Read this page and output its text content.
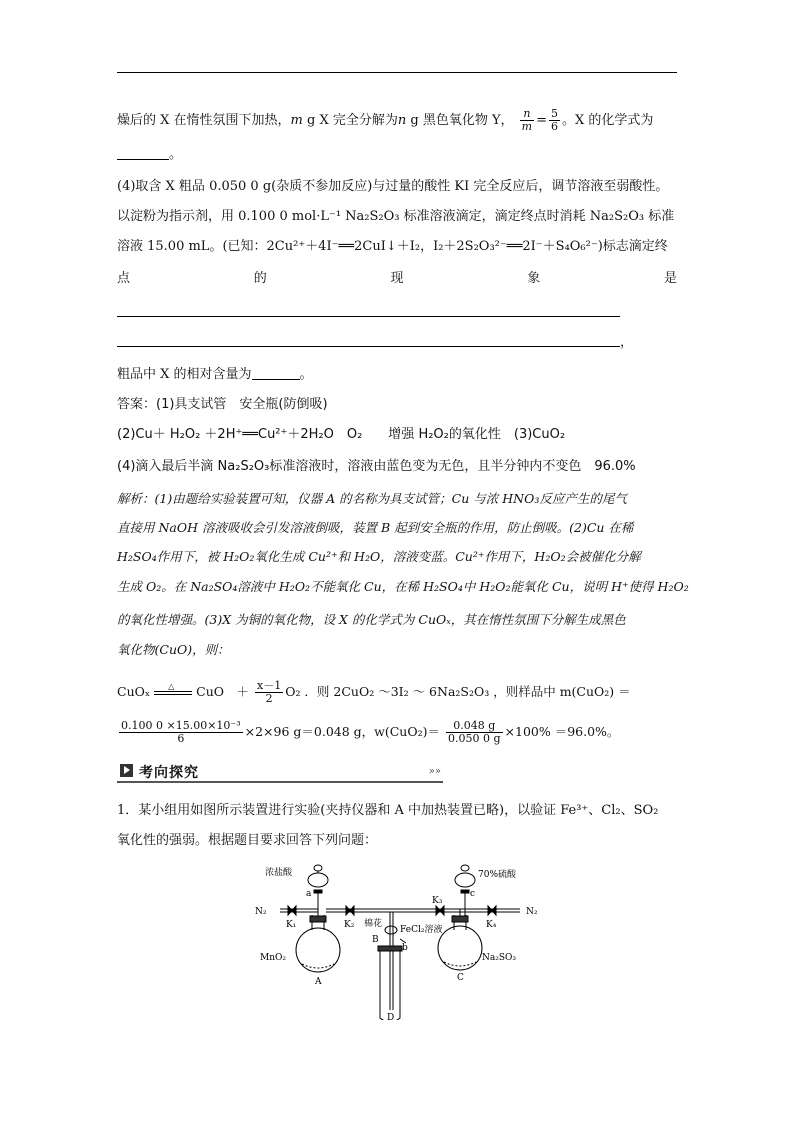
燥后的 X 在惰性氛围下加热，m g X 完全分解为n g 黑色氧化物 Y， $\frac{n}{m} = \frac{5}{6}$ 。X 的化学式为
。
(4)取含 X 粗品 0.050 0 g(杂质不参加反应)与过量的酸性 KI 完全反应后，调节溶液至弱酸性。
以淀粉为指示剂，用 0.100 0 mol·L⁻¹ Na₂S₂O₃ 标准溶液滴定，滴定终点时消耗 Na₂S₂O₃ 标准
溶液 15.00 mL。(已知：2Cu²⁺＋4I⁻══2CuI↓＋I₂，I₂＋2S₂O₃²⁻══2I⁻＋S₄O₆²⁻)标志滴定终
点	的	现	象	是
，
粗品中 X 的相对含量为	。
答案：(1)具支试管　安全瓶(防倒吸)
(2)Cu＋ H₂O₂ ＋2H⁺══Cu²⁺＋2H₂O　O₂　　增强 H₂O₂的氧化性　(3)CuO₂
(4)滴入最后半滴 Na₂S₂O₃标准溶液时，溶液由蓝色变为无色，且半分钟内不变色　96.0%
解析：(1)由题给实验装置可知，仪器 A 的名称为具支试管；Cu 与浓 HNO₃反应产生的尾气
直接用 NaOH 溶液吸收会引发溶液倒吸，装置 B 起到安全瓶的作用，防止倒吸。(2)Cu 在稀
H₂SO₄作用下，被 H₂O₂氧化生成 Cu²⁺和 H₂O，溶液变蓝。Cu²⁺作用下，H₂O₂会被催化分解
生成 O₂。在 Na₂SO₄溶液中 H₂O₂不能氧化 Cu，在稀 H₂SO₄中 H₂O₂能氧化 Cu，说明 H⁺使得 H₂O₂
的氧化性增强。(3)X 为铜的氧化物，设 X 的化学式为 CuOₓ，其在惰性氛围下分解生成黑色
氧化物(CuO)，则：
CuOₓ △ CuO　＋ $\frac{x-1}{2} O_2$ ．则 2CuO₂ ～3I₂ ～ 6Na₂S₂O₃ ，则样品中 m(CuO₂) ＝
$\frac{\text{0.100 0 ×15.00×10⁻³}}{6} \times 2\times 96$ g＝0.048 g，$w(CuO_2)= \frac{0.048 g}{0.050 0 g} \times 100\% =96.0\%$。
考向探究	»»
1．某小组用如图所示装置进行实验(夹持仪器和 A 中加热装置已略)，以验证 Fe³⁺、Cl₂、SO₂
氧化性的强弱。根据题目要求回答下列问题：
浓盐酸	70%硫酸
a	c
N₂	N₂
K₁	K₂
K₃
K₄
棉花
FeCl₂溶液
B
b
MnO₂
A	C
Na₂SO₃
D
